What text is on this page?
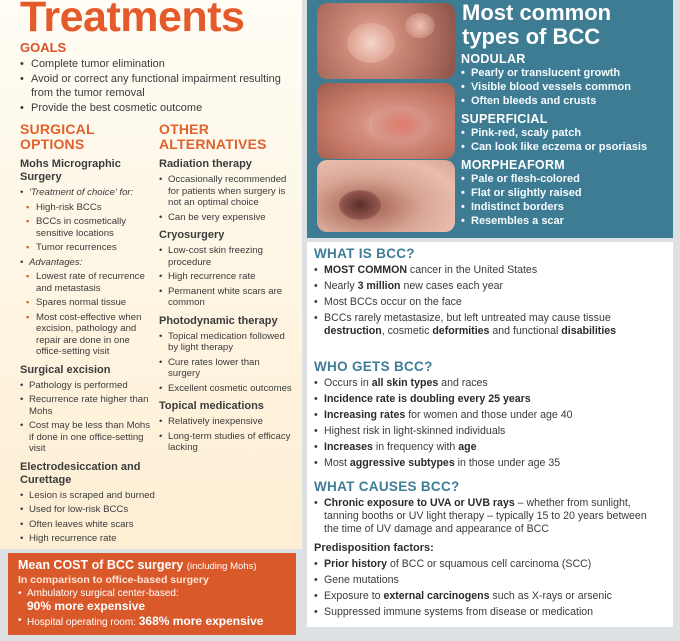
Treatments
GOALS
• Complete tumor elimination
• Avoid or correct any functional impairment resulting from the tumor removal
• Provide the best cosmetic outcome
SURGICAL
OPTIONS
Mohs Micrographic Surgery
• 'Treatment of choice' for:
▪ High-risk BCCs
▪ BCCs in cosmetically sensitive locations
▪ Tumor recurrences
• Advantages:
▪ Lowest rate of recurrence and metastasis
▪ Spares normal tissue
▪ Most cost-effective when excision, pathology and repair are done in one office-setting visit
Surgical excision
• Pathology is performed
• Recurrence rate higher than Mohs
• Cost may be less than Mohs if done in one office-setting visit
Electrodesiccation and Curettage
• Lesion is scraped and burned
• Used for low-risk BCCs
• Often leaves white scars
• High recurrence rate
OTHER
ALTERNATIVES
Radiation therapy
• Occasionally recommended for patients when surgery is not an optimal choice
• Can be very expensive
Cryosurgery
• Low-cost skin freezing procedure
• High recurrence rate
• Permanent white scars are common
Photodynamic therapy
• Topical medication followed by light therapy
• Cure rates lower than surgery
• Excellent cosmetic outcomes
Topical medications
• Relatively inexpensive
• Long-term studies of efficacy lacking
Mean COST of BCC surgery (including Mohs)
In comparison to office-based surgery
• Ambulatory surgical center-based:
90% more expensive
• Hospital operating room: 368% more expensive
Most common types of BCC
NODULAR
• Pearly or translucent growth
• Visible blood vessels common
• Often bleeds and crusts
SUPERFICIAL
• Pink-red, scaly patch
• Can look like eczema or psoriasis
MORPHEAFORM
• Pale or flesh-colored
• Flat or slightly raised
• Indistinct borders
• Resembles a scar
WHAT IS BCC?
• MOST COMMON cancer in the United States
• Nearly 3 million new cases each year
• Most BCCs occur on the face
• BCCs rarely metastasize, but left untreated may cause tissue destruction, cosmetic deformities and functional disabilities
WHO GETS BCC?
• Occurs in all skin types and races
• Incidence rate is doubling every 25 years
• Increasing rates for women and those under age 40
• Highest risk in light-skinned individuals
• Increases in frequency with age
• Most aggressive subtypes in those under age 35
WHAT CAUSES BCC?
• Chronic exposure to UVA or UVB rays – whether from sunlight, tanning booths or UV light therapy – typically 15 to 20 years between the time of UV damage and appearance of BCC
Predisposition factors:
• Prior history of BCC or squamous cell carcinoma (SCC)
• Gene mutations
• Exposure to external carcinogens such as X-rays or arsenic
• Suppressed immune systems from disease or medication
